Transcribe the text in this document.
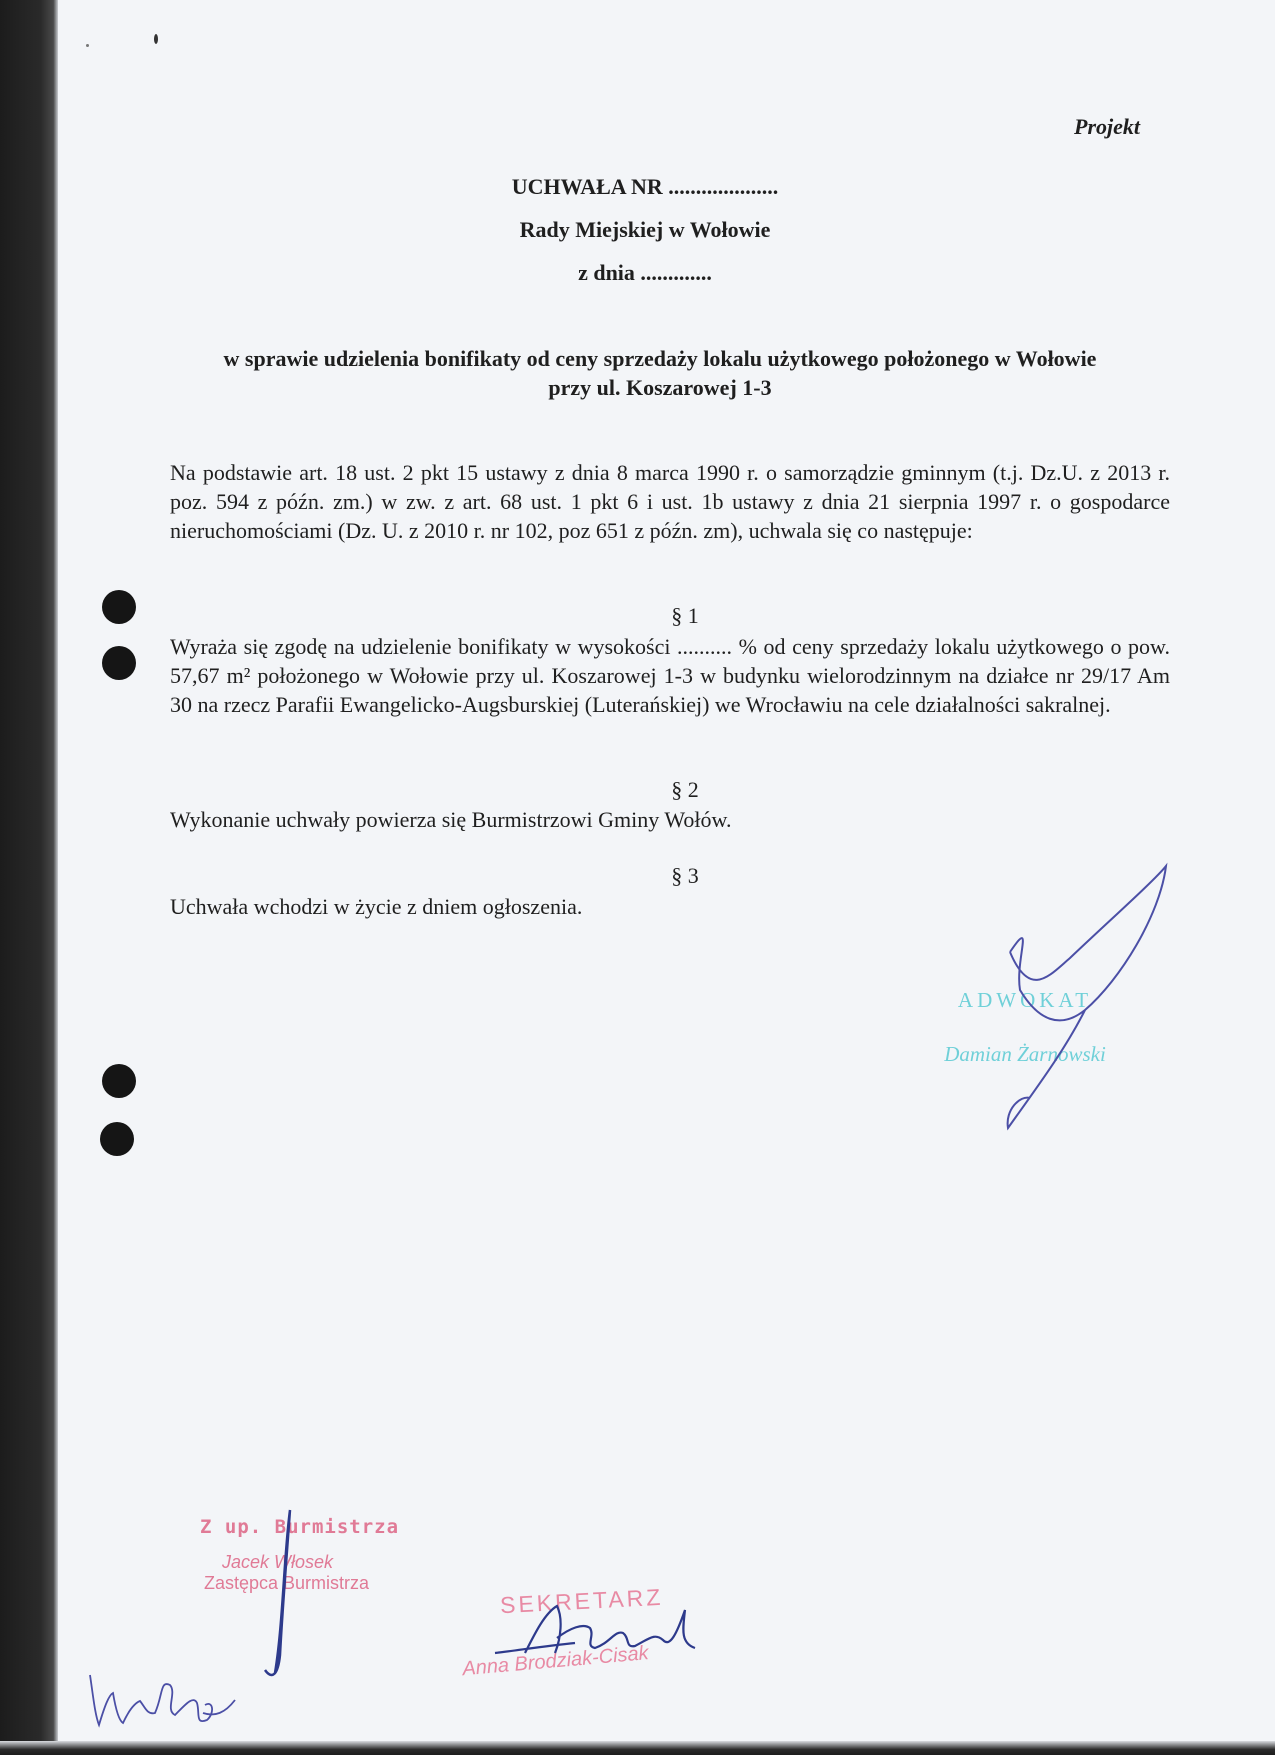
Projekt
UCHWAŁA NR ....................
Rady Miejskiej w Wołowie
z dnia .............
w sprawie udzielenia bonifikaty od ceny sprzedaży lokalu użytkowego położonego w Wołowie
przy ul. Koszarowej 1-3
Na podstawie art. 18 ust. 2 pkt 15 ustawy z dnia 8 marca 1990 r. o samorządzie gminnym (t.j. Dz.U. z 2013 r. poz. 594 z późn. zm.) w zw. z art. 68 ust. 1 pkt 6 i ust. 1b ustawy z dnia 21 sierpnia 1997 r. o gospodarce nieruchomościami (Dz. U. z 2010 r. nr 102, poz 651 z późn. zm), uchwala się co następuje:
§ 1
Wyraża się zgodę na udzielenie bonifikaty w wysokości .......... % od ceny sprzedaży lokalu użytkowego o pow. 57,67 m² położonego w Wołowie przy ul. Koszarowej 1-3 w budynku wielorodzinnym na działce nr 29/17 Am 30 na rzecz Parafii Ewangelicko-Augsburskiej (Luterańskiej) we Wrocławiu na cele działalności sakralnej.
§ 2
Wykonanie uchwały powierza się Burmistrzowi Gminy Wołów.
§ 3
Uchwała wchodzi w życie z dniem ogłoszenia.
ADWOKAT
Damian Żarnowski
Z up. Burmistrza
Jacek Włosek
Zastępca Burmistrza
SEKRETARZ
Anna Brodziak-Cisak
